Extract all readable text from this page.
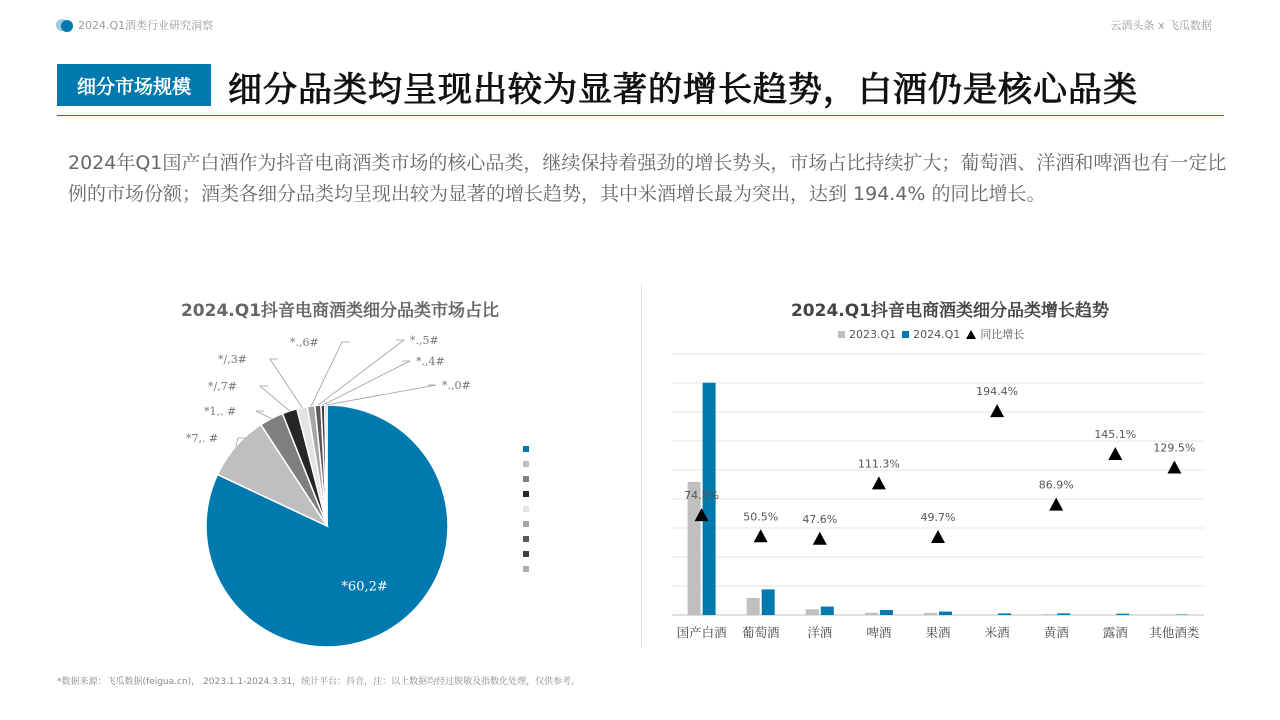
2024.Q1酒类行业研究洞察	云酒头条 x 飞瓜数据
细分市场规模	细分品类均呈现出较为显著的增长趋势，白酒仍是核心品类
2024年Q1国产白酒作为抖音电商酒类市场的核心品类，继续保持着强劲的增长势头，市场占比持续扩大；葡萄酒、洋酒和啤酒也有一定比例的市场份额；酒类各细分品类均呈现出较为显著的增长趋势，其中米酒增长最为突出，达到 194.4% 的同比增长。
2024.Q1抖音电商酒类细分品类市场占比
*60,2#
*7,. #
*1,. #
*/,7#
*/,3#
*.,6#	*.,5#
*.,4#
*.,0#
2024.Q1抖音电商酒类细分品类增长趋势
2023.Q1 2024.Q1 同比增长
国产白酒
74.8%
葡萄酒
50.5%
洋酒
47.6%
啤酒
111.3%
果酒
49.7%
米酒
194.4%
黄酒
86.9%
露酒
145.1%
其他酒类
129.5%
*数据来源：飞瓜数据(feigua.cn)， 2023.1.1-2024.3.31，统计平台：抖音，注：以上数据均经过脱敏及指数化处理，仅供参考。
